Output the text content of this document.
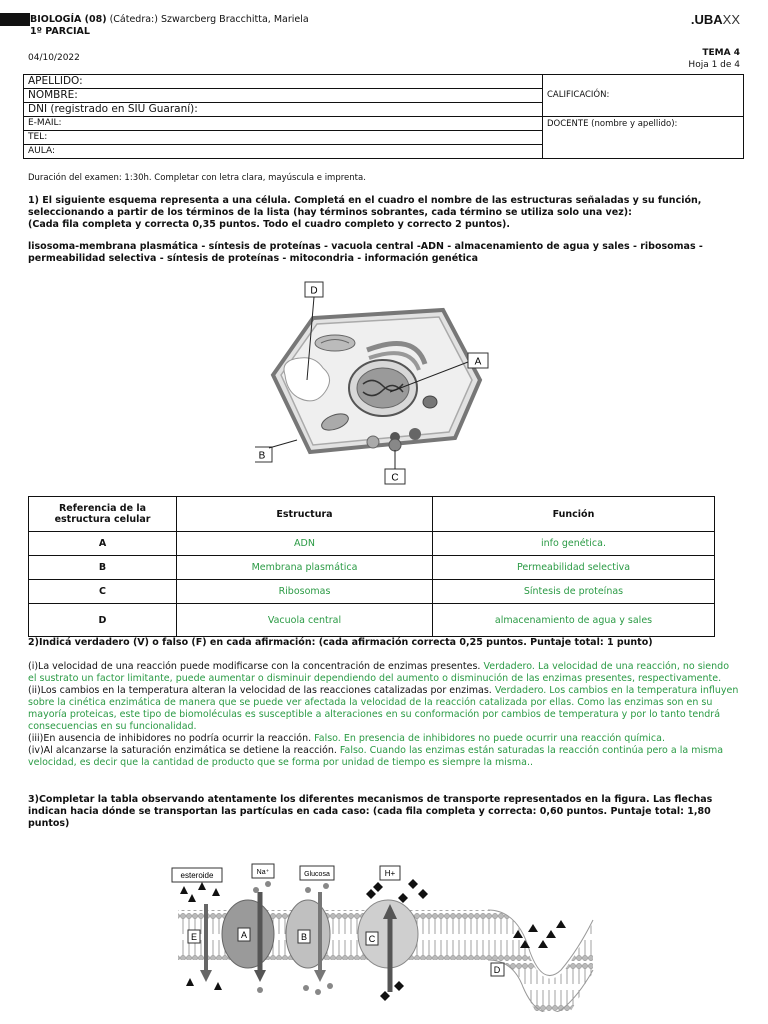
BIOLOGÍA (08) (Cátedra:) Szwarcberg Bracchitta, Mariela
1º PARCIAL
.UBAXX
04/10/2022	TEMA 4
Hoja 1 de 4
APELLIDO:	CALIFICACIÓN:
NOMBRE:	
DNI (registrado en SIU Guaraní):	
E-MAIL:	DOCENTE (nombre y apellido):
TEL:	
AULA:	
Duración del examen: 1:30h. Completar con letra clara, mayúscula e imprenta.
1) El siguiente esquema representa a una célula. Completá en el cuadro el nombre de las estructuras señaladas y su función,
seleccionando a partir de los términos de la lista (hay términos sobrantes, cada término se utiliza solo una vez):
(Cada fila completa y correcta 0,35 puntos. Todo el cuadro completo y correcto 2 puntos).
lisosoma-membrana plasmática - síntesis de proteínas - vacuola central -ADN - almacenamiento de agua y sales - ribosomas -
permeabilidad selectiva - síntesis de proteínas - mitocondria - información genética
D
A
B
C
Referencia de la estructura celular	Estructura	Función
A	ADN	info genética.
B	Membrana plasmática	Permeabilidad selectiva
C	Ribosomas	Síntesis de proteínas
D	Vacuola central	almacenamiento de agua y sales
2)Indicá verdadero (V) o falso (F) en cada afirmación: (cada afirmación correcta 0,25 puntos. Puntaje total: 1 punto)
(i)La velocidad de una reacción puede modificarse con la concentración de enzimas presentes. Verdadero. La velocidad de una reacción, no siendo el sustrato un factor limitante, puede aumentar o disminuir dependiendo del aumento o disminución de las enzimas presentes, respectivamente.
(ii)Los cambios en la temperatura alteran la velocidad de las reacciones catalizadas por enzimas. Verdadero. Los cambios en la temperatura influyen sobre la cinética enzimática de manera que se puede ver afectada la velocidad de la reacción catalizada por ellas. Como las enzimas son en su mayoría proteicas, este tipo de biomoléculas es susceptible a alteraciones en su conformación por cambios de temperatura y por lo tanto tendrá consecuencias en su funcionalidad.
(iii)En ausencia de inhibidores no podría ocurrir la reacción. Falso. En presencia de inhibidores no puede ocurrir una reacción química.
(iv)Al alcanzarse la saturación enzimática se detiene la reacción. Falso. Cuando las enzimas están saturadas la reacción continúa pero a la misma velocidad, es decir que la cantidad de producto que se forma por unidad de tiempo es siempre la misma..
3)Completar la tabla observando atentamente los diferentes mecanismos de transporte representados en la figura. Las flechas
indican hacia dónde se transportan las partículas en cada caso: (cada fila completa y correcta: 0,60 puntos. Puntaje total: 1,80
puntos)
esteroide	Na⁺	Glucosa	H+
E	A	B	C
D
